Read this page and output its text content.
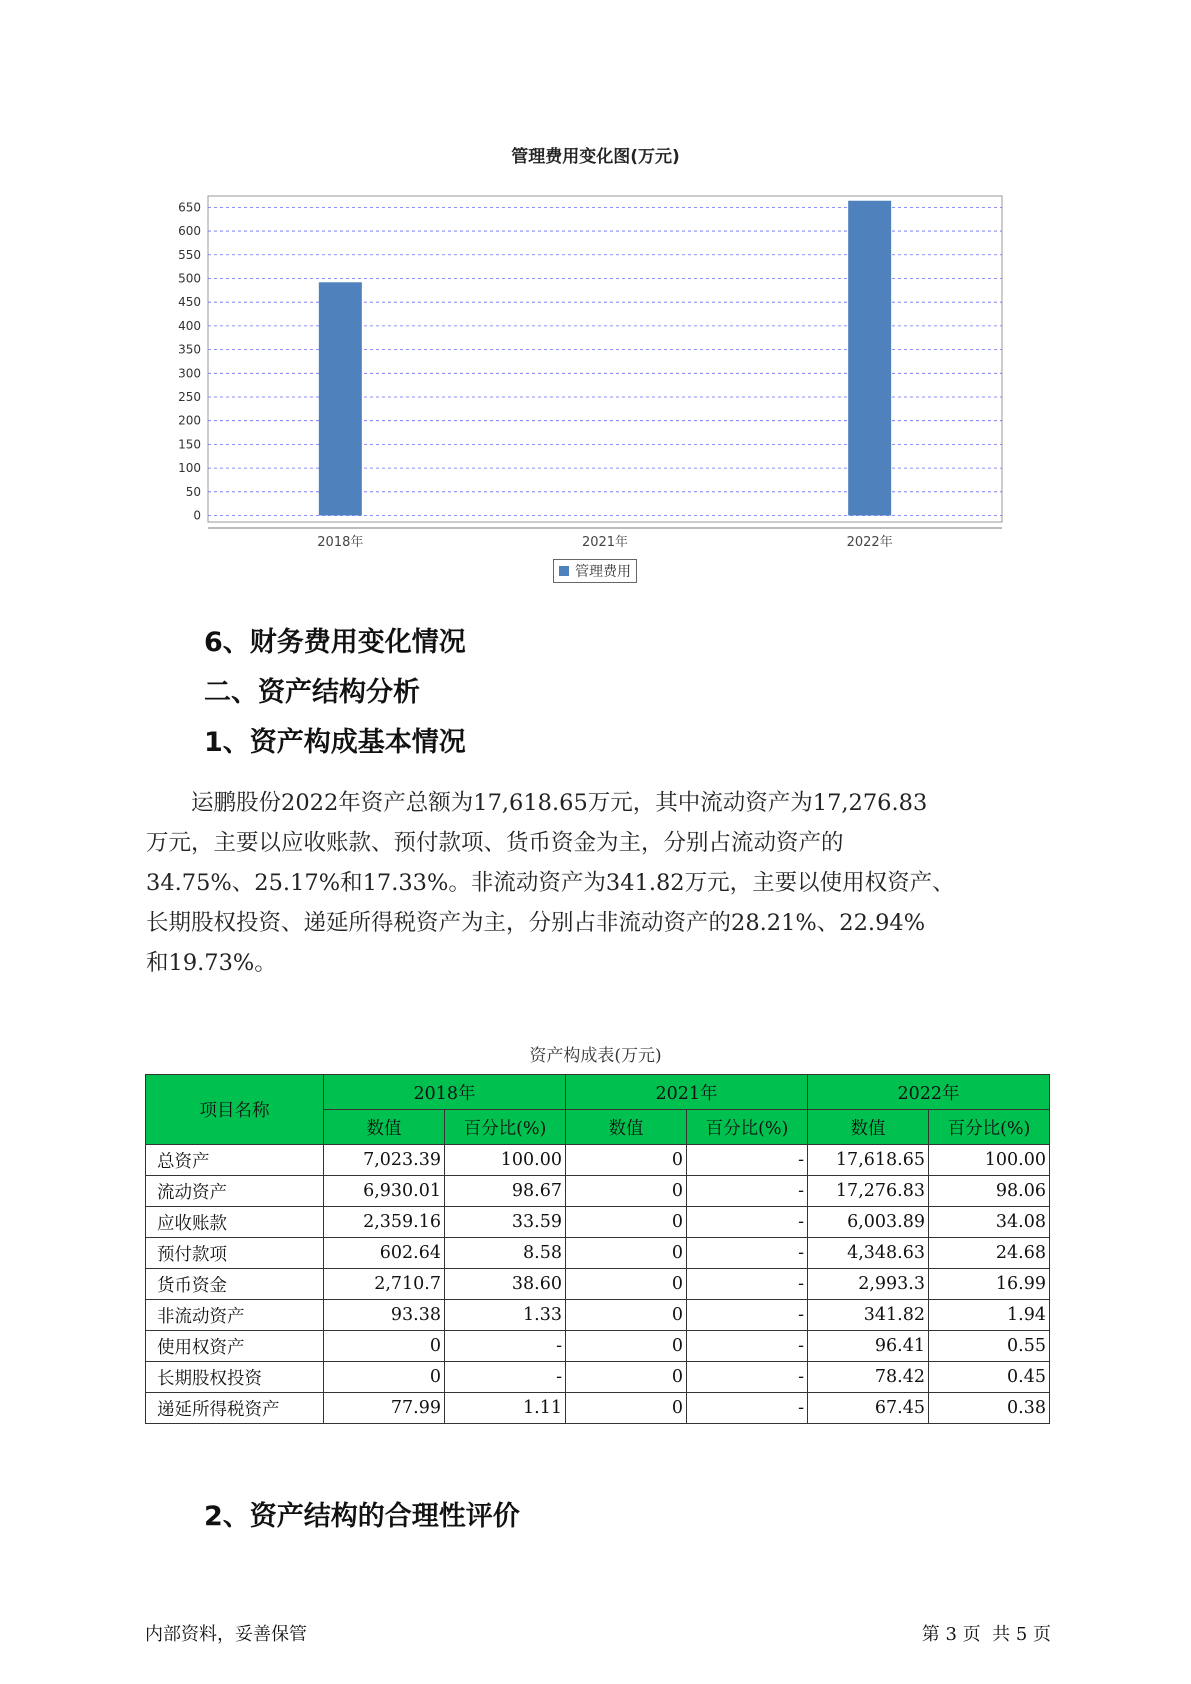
管理费用变化图(万元)
0
50
100
150
200
250
300
350
400
450
500
550
600
650
2018年	2021年	2022年
管理费用
6、财务费用变化情况
二、资产结构分析
1、资产构成基本情况
　　运鹏股份2022年资产总额为17,618.65万元，其中流动资产为17,276.83
万元，主要以应收账款、预付款项、货币资金为主，分别占流动资产的
34.75%、25.17%和17.33%。非流动资产为341.82万元，主要以使用权资产、
长期股权投资、递延所得税资产为主，分别占非流动资产的28.21%、22.94%
和19.73%。
资产构成表(万元)
项目名称	2018年		2021年		2022年	
	数值	百分比(%)	数值	百分比(%)	数值	百分比(%)
总资产	7,023.39	100.00	0	-	17,618.65	100.00
流动资产	6,930.01	98.67	0	-	17,276.83	98.06
应收账款	2,359.16	33.59	0	-	6,003.89	34.08
预付款项	602.64	8.58	0	-	4,348.63	24.68
货币资金	2,710.7	38.60	0	-	2,993.3	16.99
非流动资产	93.38	1.33	0	-	341.82	1.94
使用权资产	0	-	0	-	96.41	0.55
长期股权投资	0	-	0	-	78.42	0.45
递延所得税资产	77.99	1.11	0	-	67.45	0.38
2、资产结构的合理性评价
内部资料，妥善保管	第 3 页  共 5 页
